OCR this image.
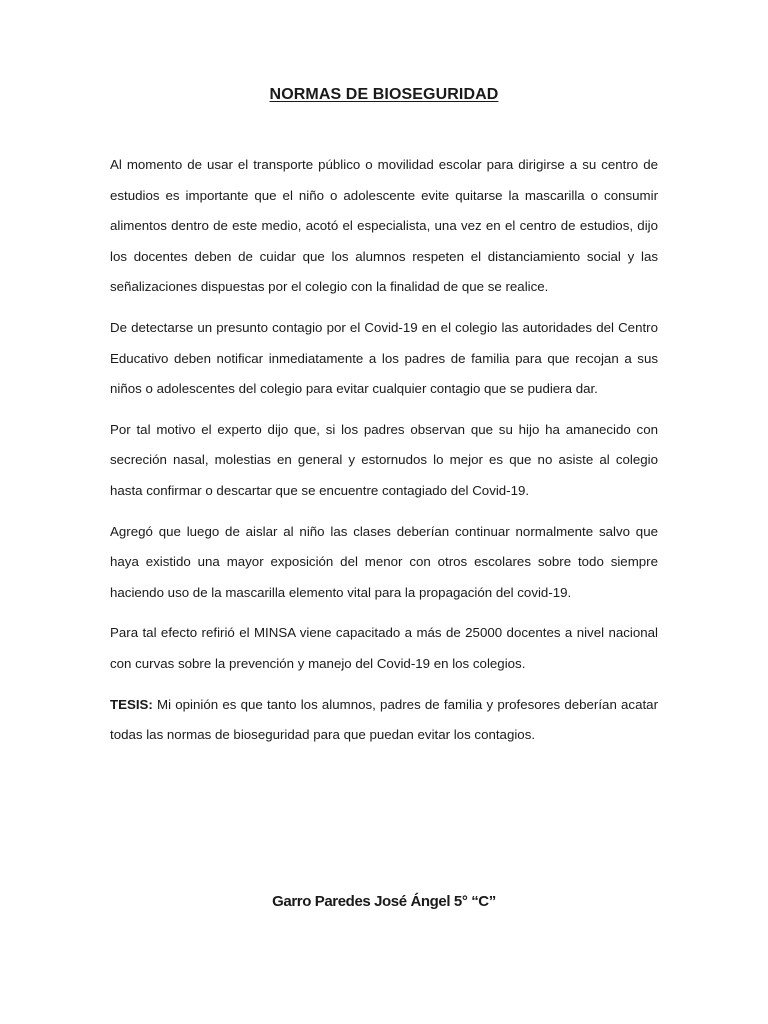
NORMAS DE BIOSEGURIDAD

Al momento de usar el transporte público o movilidad escolar para dirigirse a su centro de estudios es importante que el niño o adolescente evite quitarse la mascarilla o consumir alimentos dentro de este medio, acotó el especialista, una vez en el centro de estudios, dijo los docentes deben de cuidar que los alumnos respeten el distanciamiento social y las señalizaciones dispuestas por el colegio con la finalidad de que se realice.

De detectarse un presunto contagio por el Covid-19 en el colegio las autoridades del Centro Educativo deben notificar inmediatamente a los padres de familia para que recojan a sus niños o adolescentes del colegio para evitar cualquier contagio que se pudiera dar.

Por tal motivo el experto dijo que, si los padres observan que su hijo ha amanecido con secreción nasal, molestias en general y estornudos lo mejor es que no asiste al colegio hasta confirmar o descartar que se encuentre contagiado del Covid-19.

Agregó que luego de aislar al niño las clases deberían continuar normalmente salvo que haya existido una mayor exposición del menor con otros escolares sobre todo siempre haciendo uso de la mascarilla elemento vital para la propagación del covid-19.

Para tal efecto refirió el MINSA viene capacitado a más de 25000 docentes a nivel nacional con curvas sobre la prevención y manejo del Covid-19 en los colegios.

TESIS: Mi opinión es que tanto los alumnos, padres de familia y profesores deberían acatar todas las normas de bioseguridad para que puedan evitar los contagios.

Garro Paredes José Ángel 5° “C”
